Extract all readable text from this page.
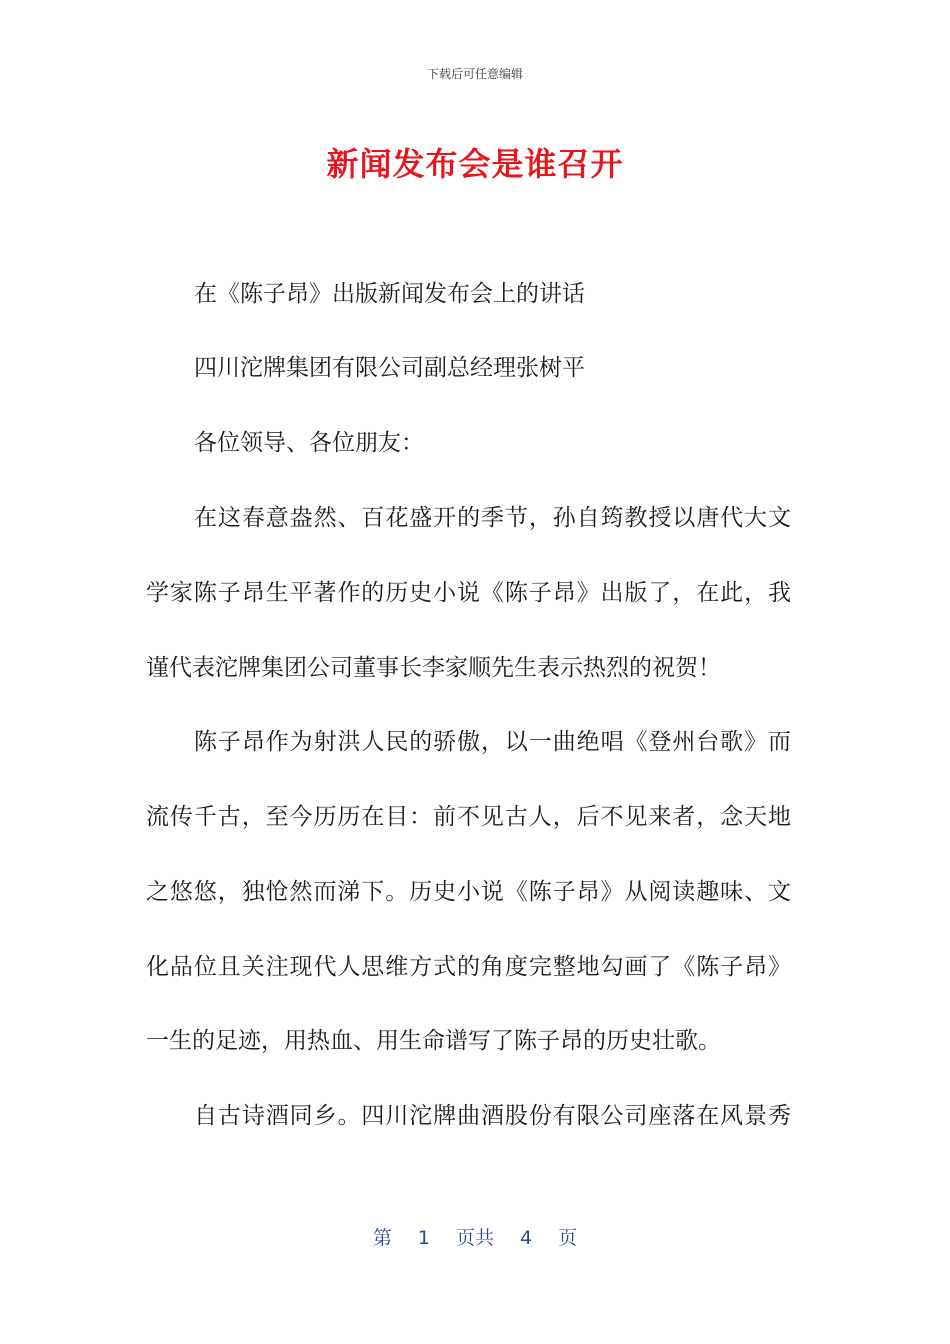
下载后可任意编辑
新闻发布会是谁召开
在《陈子昂》出版新闻发布会上的讲话
四川沱牌集团有限公司副总经理张树平
各位领导、各位朋友：
在这春意盎然、百花盛开的季节，孙自筠教授以唐代大文
学家陈子昂生平著作的历史小说《陈子昂》出版了，在此，我
谨代表沱牌集团公司董事长李家顺先生表示热烈的祝贺！
陈子昂作为射洪人民的骄傲，以一曲绝唱《登州台歌》而
流传千古，至今历历在目：前不见古人，后不见来者，念天地
之悠悠，独怆然而涕下。历史小说《陈子昂》从阅读趣味、文
化品位且关注现代人思维方式的角度完整地勾画了《陈子昂》
一生的足迹，用热血、用生命谱写了陈子昂的历史壮歌。
自古诗酒同乡。四川沱牌曲酒股份有限公司座落在风景秀
第 1 页共 4 页
